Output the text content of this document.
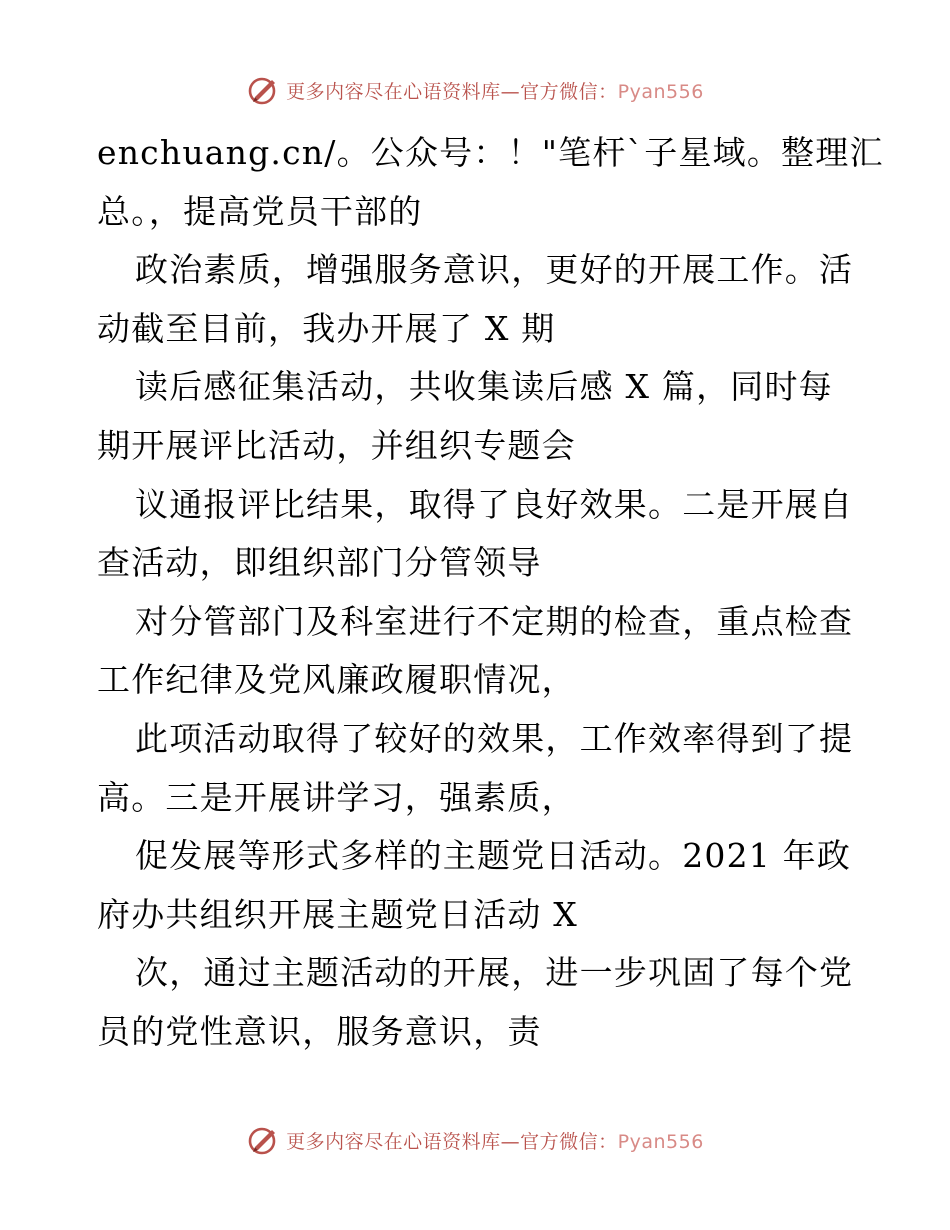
更多内容尽在心语资料库—官方微信：Pyan556
enchuang.cn/。公众号：！"笔杆`子星域。整理汇
总。，提高党员干部的
政治素质，增强服务意识，更好的开展工作。活
动截至目前，我办开展了 X 期
读后感征集活动，共收集读后感 X 篇，同时每
期开展评比活动，并组织专题会
议通报评比结果，取得了良好效果。二是开展自
查活动，即组织部门分管领导
对分管部门及科室进行不定期的检查，重点检查
工作纪律及党风廉政履职情况，
此项活动取得了较好的效果，工作效率得到了提
高。三是开展讲学习，强素质，
促发展等形式多样的主题党日活动。2021 年政
府办共组织开展主题党日活动 X
次，通过主题活动的开展，进一步巩固了每个党
员的党性意识，服务意识，责
更多内容尽在心语资料库—官方微信：Pyan556
